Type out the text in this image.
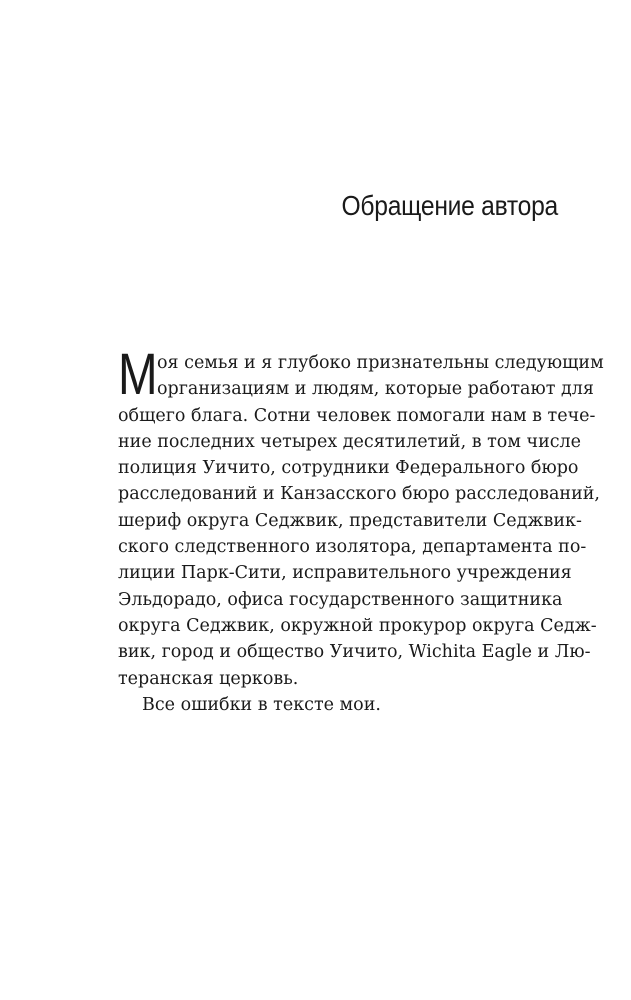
Обращение автора
М оя семья и я глубоко признательны следующим
организациям и людям, которые работают для
общего блага. Сотни человек помогали нам в тече-
ние последних четырех десятилетий, в том числе
полиция Уичито, сотрудники Федерального бюро
расследований и Канзасского бюро расследований,
шериф округа Седжвик, представители Седжвик-
ского следственного изолятора, департамента по-
лиции Парк-Сити, исправительного учреждения
Эльдорадо, офиса государственного защитника
округа Седжвик, окружной прокурор округа Седж-
вик, город и общество Уичито, Wichita Eagle и Лю-
теранская церковь.
Все ошибки в тексте мои.
